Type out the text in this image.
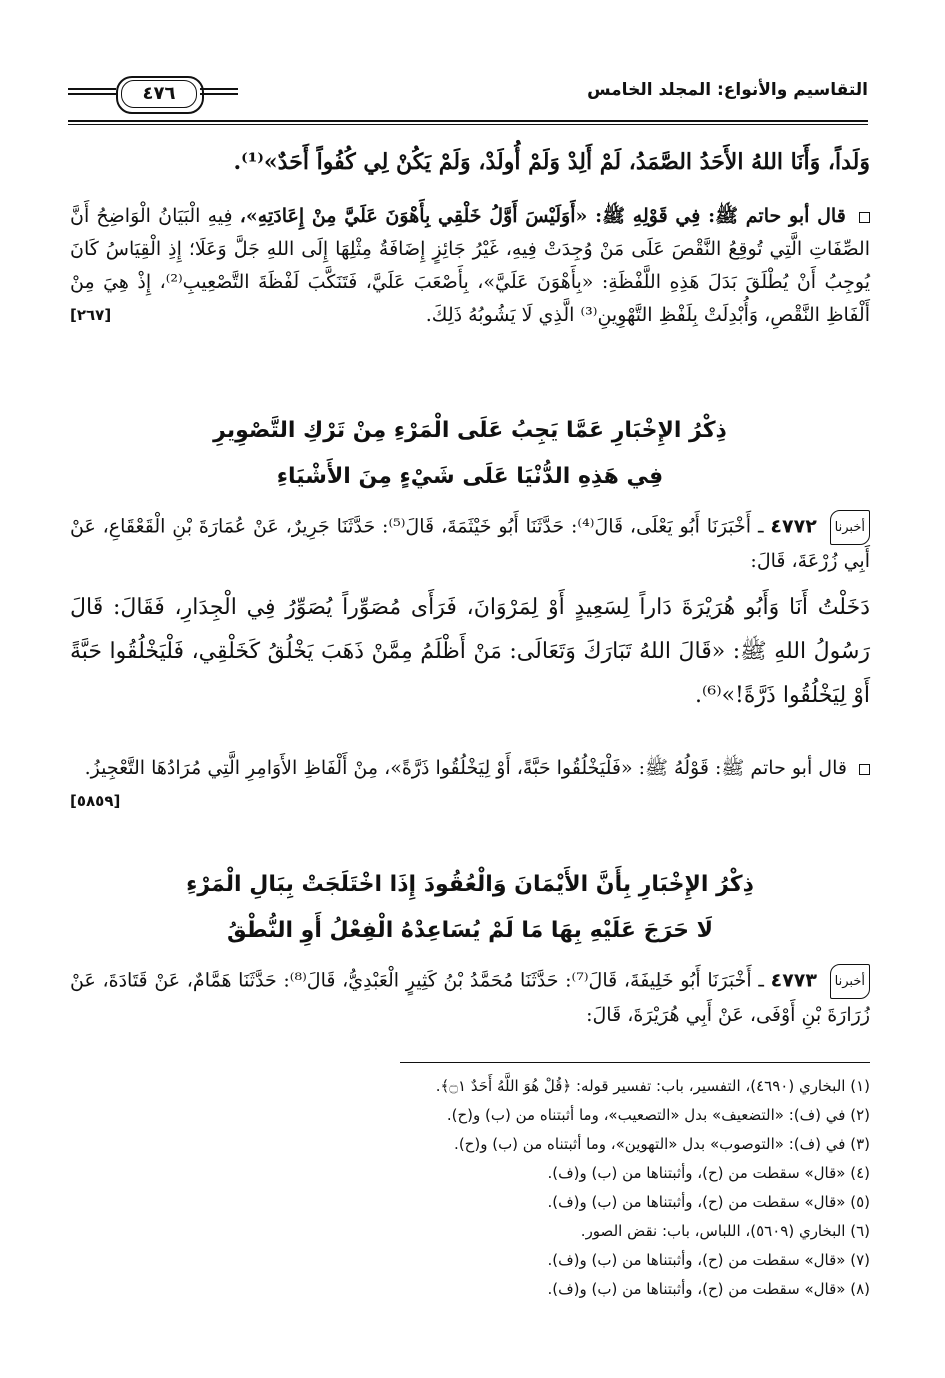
٤٧٦	التقاسيم والأنواع: المجلد الخامس

وَلَداً، وَأَنَا اللهُ الأَحَدُ الصَّمَدُ، لَمْ أَلِدْ وَلَمْ أُولَدْ، وَلَمْ يَكُنْ لِي كُفُواً أَحَدٌ»⁽¹⁾.

قال أبو حاتم ﷺ: فِي قَوْلِهِ ﷺ: «أَوَلَيْسَ أَوَّلُ خَلْقِي بِأَهْوَنَ عَلَيَّ مِنْ إِعَادَتِهِ»، فِيهِ الْبَيَانُ الْوَاضِحُ أَنَّ الصِّفَاتِ الَّتِي تُوقِعُ النَّقْصَ عَلَى مَنْ وُجِدَتْ فِيهِ، غَيْرُ جَائِزٍ إِضَافَةُ مِثْلِهَا إِلَى اللهِ جَلَّ وَعَلَا؛ إِذِ الْقِيَاسُ كَانَ يُوجِبُ أَنْ يُطْلَقَ بَدَلَ هَذِهِ اللَّفْظَةِ: «بِأَهْوَنَ عَلَيَّ»، بِأَصْعَبَ عَلَيَّ، فَتَنَكَّبَ لَفْظَةَ التَّصْعِيبِ⁽²⁾، إِذْ هِيَ مِنْ أَلْفَاظِ النَّقْصِ، وَأُبْدِلَتْ بِلَفْظِ التَّهْوِينِ⁽³⁾ الَّذِي لَا يَشُوبُهُ ذَلِكَ.
[٢٦٧]

ذِكْرُ الإِخْبَارِ عَمَّا يَجِبُ عَلَى الْمَرْءِ مِنْ تَرْكِ التَّصْوِيرِ
فِي هَذِهِ الدُّنْيَا عَلَى شَيْءٍ مِنَ الأَشْيَاءِ

أخبرنا ٤٧٧٢ ـ أَخْبَرَنَا أَبُو يَعْلَى، قَالَ⁽⁴⁾: حَدَّثَنَا أَبُو خَيْثَمَةَ، قَالَ⁽⁵⁾: حَدَّثَنَا جَرِيرٌ، عَنْ عُمَارَةَ بْنِ الْقَعْقَاعِ، عَنْ أَبِي زُرْعَةَ، قَالَ:

دَخَلْتُ أَنَا وَأَبُو هُرَيْرَةَ دَاراً لِسَعِيدٍ أَوْ لِمَرْوَانَ، فَرَأَى مُصَوِّراً يُصَوِّرُ فِي الْجِدَارِ، فَقَالَ: قَالَ رَسُولُ اللهِ ﷺ: «قَالَ اللهُ تَبَارَكَ وَتَعَالَى: مَنْ أَظْلَمُ مِمَّنْ ذَهَبَ يَخْلُقُ كَخَلْقِي، فَلْيَخْلُقُوا حَبَّةً أَوْ لِيَخْلُقُوا ذَرَّةً!»⁽⁶⁾.

قال أبو حاتم ﷺ: قَوْلُهُ ﷺ: «فَلْيَخْلُقُوا حَبَّةً، أَوْ لِيَخْلُقُوا ذَرَّةً»، مِنْ أَلْفَاظِ الأَوَامِرِ الَّتِي مُرَادُهَا التَّعْجِيزُ.
[٥٨٥٩]

ذِكْرُ الإِخْبَارِ بِأَنَّ الأَيْمَانَ وَالْعُقُودَ إِذَا اخْتَلَجَتْ بِبَالِ الْمَرْءِ
لَا حَرَجَ عَلَيْهِ بِهَا مَا لَمْ يُسَاعِدْهُ الْفِعْلُ أَوِ النُّطْقُ

أخبرنا ٤٧٧٣ ـ أَخْبَرَنَا أَبُو خَلِيفَةَ، قَالَ⁽⁷⁾: حَدَّثَنَا مُحَمَّدُ بْنُ كَثِيرٍ الْعَبْدِيُّ، قَالَ⁽⁸⁾: حَدَّثَنَا هَمَّامٌ، عَنْ قَتَادَةَ، عَنْ زُرَارَةَ بْنِ أَوْفَى، عَنْ أَبِي هُرَيْرَةَ، قَالَ:

(١) البخاري (٤٦٩٠)، التفسير، باب: تفسير قوله: ﴿قُلْ هُوَ اللَّهُ أَحَدٌ ۝١﴾.
(٢) في (ف): «التضعيف» بدل «التصعيب»، وما أثبتناه من (ب) و(ح).
(٣) في (ف): «التوصوب» بدل «التهوين»، وما أثبتناه من (ب) و(ح).
(٤) «قال» سقطت من (ح)، وأثبتناها من (ب) و(ف).
(٥) «قال» سقطت من (ح)، وأثبتناها من (ب) و(ف).
(٦) البخاري (٥٦٠٩)، اللباس، باب: نقض الصور.
(٧) «قال» سقطت من (ح)، وأثبتناها من (ب) و(ف).
(٨) «قال» سقطت من (ح)، وأثبتناها من (ب) و(ف).
